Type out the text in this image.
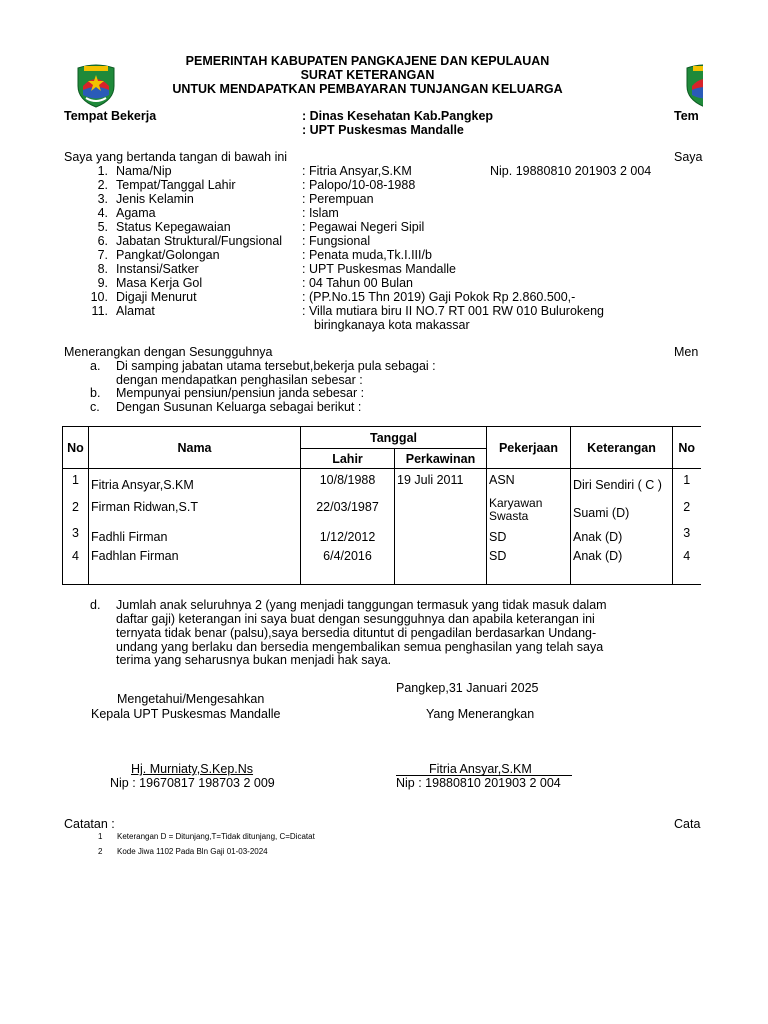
PEMERINTAH KABUPATEN PANGKAJENE DAN KEPULAUAN
SURAT KETERANGAN
UNTUK MENDAPATKAN PEMBAYARAN TUNJANGAN KELUARGA
Tempat Bekerja	: Dinas Kesehatan Kab.Pangkep
: UPT Puskesmas Mandalle
Tem
Saya yang bertanda tangan di bawah ini	Saya
1. Nama/Nip	: Fitria Ansyar,S.KM	Nip. 19880810 201903 2 004
2. Tempat/Tanggal Lahir	: Palopo/10-08-1988
3. Jenis Kelamin	: Perempuan
4. Agama	: Islam
5. Status Kepegawaian	: Pegawai Negeri Sipil
6. Jabatan Struktural/Fungsional : Fungsional
7. Pangkat/Golongan	: Penata muda,Tk.I.III/b
8. Instansi/Satker	: UPT Puskesmas Mandalle
9. Masa Kerja Gol	: 04 Tahun 00 Bulan
10. Digaji Menurut	: (PP.No.15 Thn 2019) Gaji Pokok Rp 2.860.500,-
11. Alamat	: Villa mutiara biru II NO.7 RT 001 RW 010 Bulurokeng
biringkanaya kota makassar
Menerangkan dengan Sesungguhnya	Men
a. Di samping jabatan utama tersebut,bekerja pula sebagai :
dengan mendapatkan penghasilan sebesar :
b. Mempunyai pensiun/pensiun janda sebesar :
c. Dengan Susunan Keluarga sebagai berikut :
No	Nama	Tanggal		Pekerjaan	Keterangan	No
		Lahir	Perkawinan			

1	Fitria Ansyar,S.KM	10/8/1988	19 Juli 2011	ASN	Diri Sendiri ( C )	1
2	Firman Ridwan,S.T	22/03/1987		Karyawan Swasta	Suami (D)	2
3	Fadhli Firman	1/12/2012		SD	Anak (D)	3
4	Fadhlan Firman	6/4/2016		SD	Anak (D)	4

d. Jumlah anak seluruhnya 2 (yang menjadi tanggungan termasuk yang tidak masuk dalam
daftar gaji) keterangan ini saya buat dengan sesungguhnya dan apabila keterangan ini
ternyata tidak benar (palsu),saya bersedia dituntut di pengadilan berdasarkan Undang-
undang yang berlaku dan bersedia mengembalikan semua penghasilan yang telah saya
terima yang seharusnya bukan menjadi hak saya.
Pangkep,31 Januari 2025
Mengetahui/Mengesahkan
Kepala UPT Puskesmas Mandalle	Yang Menerangkan
Hj. Murniaty,S.Kep.Ns
Nip : 19670817 198703 2 009
Fitria Ansyar,S.KM
Nip : 19880810 201903 2 004
Catatan :	Cata
1 Keterangan D = Ditunjang,T=Tidak ditunjang, C=Dicatat
2 Kode Jiwa 1102 Pada Bln Gaji 01-03-2024
